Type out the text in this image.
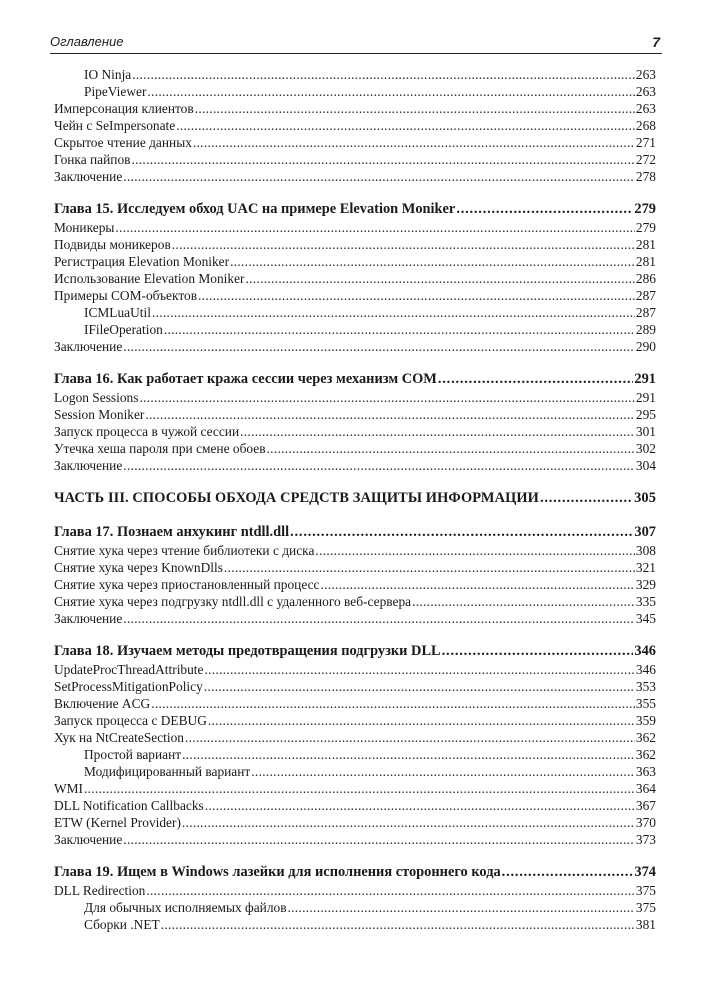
Оглавление	7
IO Ninja .....	263
PipeViewer .....	263
Имперсонация клиентов .....	263
Чейн с SeImpersonate .....	268
Скрытое чтение данных .....	271
Гонка пайпов .....	272
Заключение .....	278
Глава 15. Исследуем обход UAC на примере Elevation Moniker .....	279
Моникеры .....	279
Подвиды моникеров .....	281
Регистрация Elevation Moniker .....	281
Использование Elevation Moniker .....	286
Примеры COM-объектов .....	287
ICMLuaUtil .....	287
IFileOperation .....	289
Заключение .....	290
Глава 16. Как работает кража сессии через механизм COM .....	291
Logon Sessions .....	291
Session Moniker .....	295
Запуск процесса в чужой сессии .....	301
Утечка хеша пароля при смене обоев .....	302
Заключение .....	304
ЧАСТЬ III. СПОСОБЫ ОБХОДА СРЕДСТВ ЗАЩИТЫ ИНФОРМАЦИИ .....	305
Глава 17. Познаем анхукинг ntdll.dll .....	307
Снятие хука через чтение библиотеки с диска .....	308
Снятие хука через KnownDlls .....	321
Снятие хука через приостановленный процесс .....	329
Снятие хука через подгрузку ntdll.dll с удаленного веб-сервера .....	335
Заключение .....	345
Глава 18. Изучаем методы предотвращения подгрузки DLL .....	346
UpdateProcThreadAttribute .....	346
SetProcessMitigationPolicy .....	353
Включение ACG .....	355
Запуск процесса с DEBUG .....	359
Хук на NtCreateSection .....	362
Простой вариант .....	362
Модифицированный вариант .....	363
WMI .....	364
DLL Notification Callbacks .....	367
ETW (Kernel Provider) .....	370
Заключение .....	373
Глава 19. Ищем в Windows лазейки для исполнения стороннего кода .....	374
DLL Redirection .....	375
Для обычных исполняемых файлов .....	375
Сборки .NET .....	381
